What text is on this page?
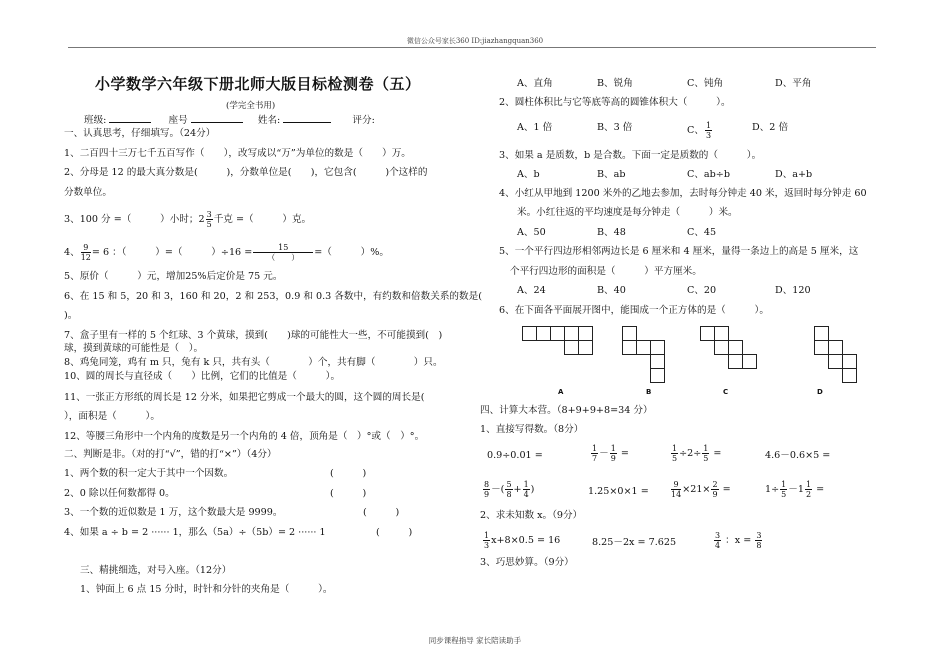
微信公众号家长360 ID:jiazhangquan360
小学数学六年级下册北师大版目标检测卷（五）
(学完全书用)
班级:	座号	姓名:	评分:
一、认真思考，仔细填写。（24分）
1、二百四十三万七千五百写作（　　），改写成以“万”为单位的数是（　　）万。
2、分母是 12 的最大真分数是(　　　)，分数单位是(　　)，它包含(　　　)个这样的
分数单位。
3、100 分 =（　　　）小时；$2 \frac{3}{5}$ 千克 =（　　　）克。
4、 $\frac{9}{12} = 6$ ：（　　　）=（　　　）$\div 16 = \frac{15}{( )}$ =（　　　）%。
5、原价（　　　）元，增加25%后定价是 75 元。
6、在 15 和 5，20 和 3，160 和 20，2 和 253，0.9 和 0.3 各数中，有约数和倍数关系的数是(
)。
7、盒子里有一样的 5 个红球、3 个黄球，摸到(　　)球的可能性大一些，不可能摸到(　)
球，摸到黄球的可能性是（　）。
8、鸡兔同笼，鸡有 m 只，兔有 k 只，共有头（　　　　）个，共有脚（　　　　）只。
10、圆的周长与直径成（　　）比例，它们的比值是（　　　）。
11、一张正方形纸的周长是 12 分米，如果把它剪成一个最大的圆，这个圆的周长是(
），面积是（　　　）。
12、等腰三角形中一个内角的度数是另一个内角的 4 倍，顶角是（　）°或（　）°。
二、判断是非。（对的打“√”，错的打“×”）（4分）
1、两个数的积一定大于其中一个因数。	(　　　)
2、0 除以任何数都得 0。	(　　　)
3、一个数的近似数是 1 万，这个数最大是 9999。	(　　　)
4、如果 a ÷ b = 2 ······ 1，那么（5a）÷（5b）= 2 ······ 1	(　　　)
三、精挑细选，对号入座。（12分）
1、钟面上 6 点 15 分时，时针和分针的夹角是（　　　）。
A、直角	B、锐角	C、钝角	D、平角
2、圆柱体积比与它等底等高的圆锥体积大（　　　）。
A、1 倍	B、3 倍	C、 $\frac{1}{3}$	D、2 倍
3、如果 a 是质数，b 是合数。下面一定是质数的（　　　）。
A、b	B、ab	C、ab÷b	D、a+b
4、小红从甲地到 1200 米外的乙地去参加，去时每分钟走 40 米，返回时每分钟走 60
米。小红往返的平均速度是每分钟走（　　　）米。
A、50	B、48	C、45
5、一个平行四边形相邻两边长是 6 厘米和 4 厘米，量得一条边上的高是 5 厘米，这
个平行四边形的面积是（　　　）平方厘米。
A、24	B、40	C、20	D、120
6、在下面各平面展开图中，能围成一个正方体的是（　　　）。
A	B	C	D
四、计算大本营。（8+9+9+8=34 分）
1、直接写得数。（8分）
0.9÷0.01 =	$\frac{1}{7} - \frac{1}{9}$ =	$\frac{1}{5} \div 2\div \frac{1}{5}$ =	4.6－0.6×5 =
$\frac{8}{9}$ －( $\frac{5}{8} + \frac{1}{4}$ )	1.25×0×1 =	$\frac{9}{14} \times 21\times \frac{2}{9}$ =	$1\div \frac{1}{5} -1 \frac{1}{2}$ =
2、求未知数 x。（9分）
$\frac{1}{3} x+8\times 0.5 = 16$	8.25－2x = 7.625	$\frac{3}{4}$ ：$x = \frac{3}{8}$
3、巧思妙算。（9分）
同步课程指导 家长陪读助手
